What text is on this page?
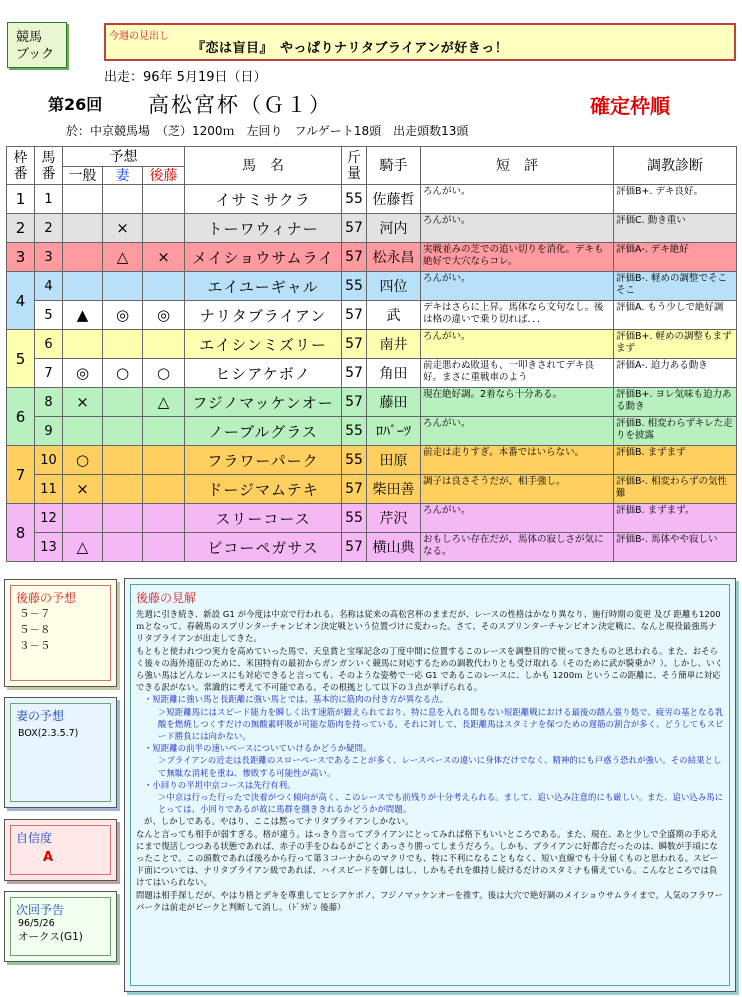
競馬
ブック
今週の見出し
『恋は盲目』　やっぱりナリタブライアンが好きっ！
出走：96年 5月19日（日）
第26回 高松宮杯（Ｇ１）	確定枠順
於：中京競馬場　（芝）1200ｍ　左回り　フルゲート18頭　出走頭数13頭
枠番	馬番	予想			馬　名	斤量	騎手	短　評	調教診断
		一般	妻	後藤					
1	1				イサミサクラ	55	佐藤哲	ろんがい。	評価B+. デキ良好。
2	2		×		トーワウィナー	57	河内	ろんがい。	評価C. 動き重い
3	3		△	×	メイショウサムライ	57	松永昌	実戦並みの芝での追い切りを消化。デキも絶好で大穴ならコレ。	評価A-. デキ絶好
4	4				エイユーギャル	55	四位	ろんがい。	評価B-. 軽めの調整でそこそこ
	5	▲	◎	◎	ナリタブライアン	57	武	デキはさらに上昇。馬体なら文句なし。後は格の違いで乗り切れば．．．	評価A. もう少しで絶好調
5	6				エイシンミズリー	57	南井	ろんがい。	評価B+. 軽めの調整もまずまず
	7	◎	○	○	ヒシアケボノ	57	角田	前走悪わぬ敗退も、一叩きされてデキ良好。まさに重戦車のよう	評価A-. 迫力ある動き
6	8	×		△	フジノマッケンオー	57	藤田	現在絶好調。2着なら十分ある。	評価B+. ヨレ気味も迫力ある動き
	9				ノーブルグラス	55	ﾛﾊﾞｰﾂ	ろんがい。	評価B. 相変わらずキレた走りを披露
7	10	○			フラワーパーク	55	田原	前走は走りすぎ。本番ではいらない。	評価B. まずまず
	11	×			ドージマムテキ	57	柴田善	調子は良さそうだが、相手強し。	評価B-. 相変わらずの気性難
8	12				スリーコース	55	芹沢	ろんがい。	評価B. まずまず。
	13	△			ビコーペガサス	57	横山典	おもしろい存在だが、馬体の寂しさが気になる。	評価B-. 馬体やや寂しい
後藤の予想
５－７
５－８
３－５
妻の予想
BOX(2.3.5.7)
自信度
A
次回予告
96/5/26
オークス(G1)
後藤の見解
先週に引き続き、新設 G1 が今度は中京で行われる。名称は従来の高松宮杯のままだが、レースの性格はかなり異なり、施行時期の変更 及び 距離も1200ｍとなって、春競馬のスプリンターチャンピオン決定戦という位置づけに変わった。さて、そのスプリンターチャンピオン決定戦に、なんと現役最強馬ナリタブライアンが出走してきた。
もともと使われつつ実力を高めていった馬で、天皇賞と宝塚記念の丁度中間に位置するこのレースを調整目的で使ってきたものと思われる。また、おそらく後々の海外遠征のために、米国特有の最初からガンガンいく競馬に対応するための調教代わりとも受け取れる（そのために武が騎乗か？）。しかし、いくら強い馬はどんなレースにも対応できると言っても、そのような姿勢で一応 G1 であるこのレースに、しかも 1200ｍ というこの距離に、そう簡単に対応できる訳がない。常識的に考えて不可能である。その根拠として以下の３点が挙げられる。
・短距離に強い馬と長距離に強い馬とでは、基本的に筋肉の付き方が異なる点。
＞短距離馬にはスピード能力を瞬しく出す速筋が鍛えられており、特に息を入れる間もない短距離戦における最後の踏ん張り処で、疲労の基となる乳酸を燃焼しつくすだけの無酸素呼吸が可能な筋肉を持っている。それに対して、長距離馬はスタミナを保つための遅筋の割合が多く、どうしてもスピード勝負には向かない。
・短距離の前半の速いペースについていけるかどうか疑問。
＞ブライアンの近走は長距離のスローペースであることが多く、レースペースの違いに身体だけでなく、精神的にも戸惑う恐れが強い。その結果として無駄な消耗を重ね、惨敗する可能性が高い。
・小回りの平坦中京コースは先行有利。
＞中京は行った行ったで決着がつく傾向が高く、このレースでも前残りが十分考えられる。まして、追い込み注意的にも厳しい。また、追い込み馬にとっては、小回りであるが故に馬群を捌ききれるかどうかが問題。
が、しかしである。やはり、ここは黙ってナリタブライアンしかない。
なんと言っても相手が弱すぎる。格が違う。はっきり言ってブライアンにとってみれば格下もいいところである。また、現在、あと少しで全盛期の手応えにまで復活しつつある状態であれば、赤子の手をひねるがごとくあっさり勝ってしまうだろう。しかも、ブライアンに好都合だったのは、瞬数が手頃になったことで、この頭数であれば後ろから行って第３コーナからのマクリでも、特に不利になることもなく、短い直線でも十分届くものと思われる。スピード面については、ナリタブライアン級であれば、ハイスピードを御しはし、しかもそれを維持し続けるだけのスタミナも備えている。こんなところでは負けてはいられない。
問題は相手探しだが、やはり格とデキを尊重してヒシアケボノ、フジノマッケンオーを推す。後は大穴で絶好調のメイショウサムライまで。人気のフラワーパークは前走がピークと判断して消し。（ﾄﾞﾗｶﾞﾝ 後藤）
